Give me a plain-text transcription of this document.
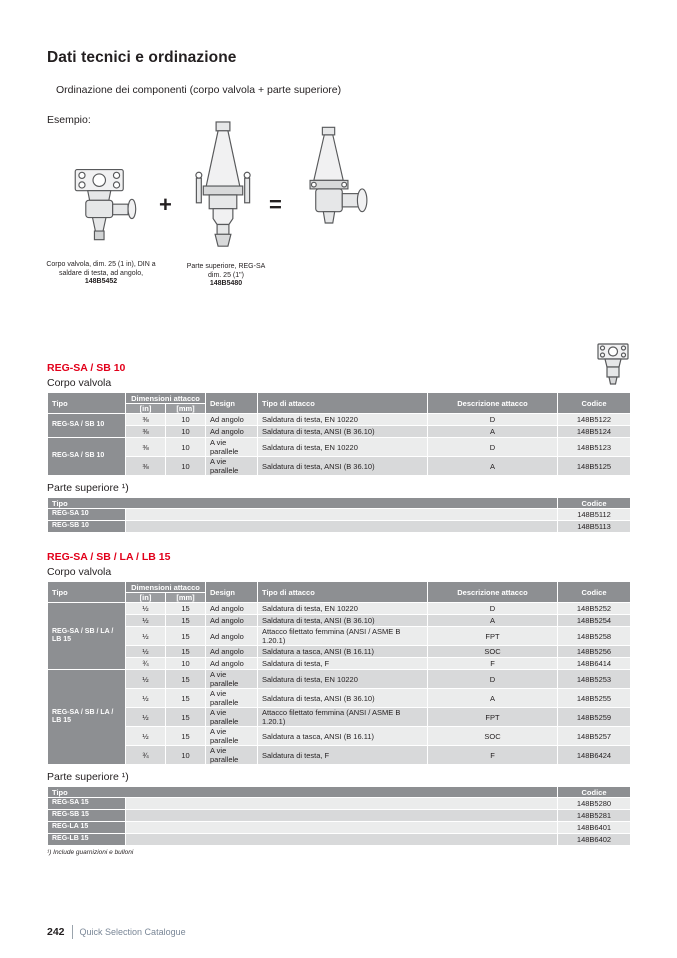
Dati tecnici e ordinazione
Ordinazione dei componenti (corpo valvola + parte superiore)
Esempio:
+	=
Corpo valvola, dim. 25 (1 in), DIN a saldare di testa, ad angolo,
148B5452
Parte superiore, REG-SA dim. 25 (1")
148B5480
REG-SA / SB 10
Corpo valvola
Tipo	Dimensioni attacco		Design	Tipo di attacco	Descrizione attacco	Codice
	[in]	[mm]				
REG-SA / SB 10	⅜	10	Ad angolo	Saldatura di testa, EN 10220	D	148B5122
	⅜	10	Ad angolo	Saldatura di testa, ANSI (B 36.10)	A	148B5124
REG-SA / SB 10	⅜	10	A vie parallele	Saldatura di testa, EN 10220	D	148B5123
	⅜	10	A vie parallele	Saldatura di testa, ANSI (B 36.10)	A	148B5125
Parte superiore ¹)
Tipo		Codice
REG-SA 10		148B5112
REG-SB 10		148B5113
REG-SA / SB / LA / LB 15
Corpo valvola
Tipo	Dimensioni attacco		Design	Tipo di attacco	Descrizione attacco	Codice
	[in]	[mm]				
REG-SA / SB / LA / LB 15	½	15	Ad angolo	Saldatura di testa, EN 10220	D	148B5252
	½	15	Ad angolo	Saldatura di testa, ANSI (B 36.10)	A	148B5254
	½	15	Ad angolo	Attacco filettato femmina (ANSI / ASME B 1.20.1)	FPT	148B5258
	½	15	Ad angolo	Saldatura a tasca, ANSI (B 16.11)	SOC	148B5256
	¾	10	Ad angolo	Saldatura di testa, F	F	148B6414
REG-SA / SB / LA / LB 15	½	15	A vie parallele	Saldatura di testa, EN 10220	D	148B5253
	½	15	A vie parallele	Saldatura di testa, ANSI (B 36.10)	A	148B5255
	½	15	A vie parallele	Attacco filettato femmina (ANSI / ASME B 1.20.1)	FPT	148B5259
	½	15	A vie parallele	Saldatura a tasca, ANSI (B 16.11)	SOC	148B5257
	¾	10	A vie parallele	Saldatura di testa, F	F	148B6424
Parte superiore ¹)
Tipo		Codice
REG-SA 15		148B5280
REG-SB 15		148B5281
REG-LA 15		148B6401
REG-LB 15		148B6402
¹) Include guarnizioni e bulloni
242 Quick Selection Catalogue
